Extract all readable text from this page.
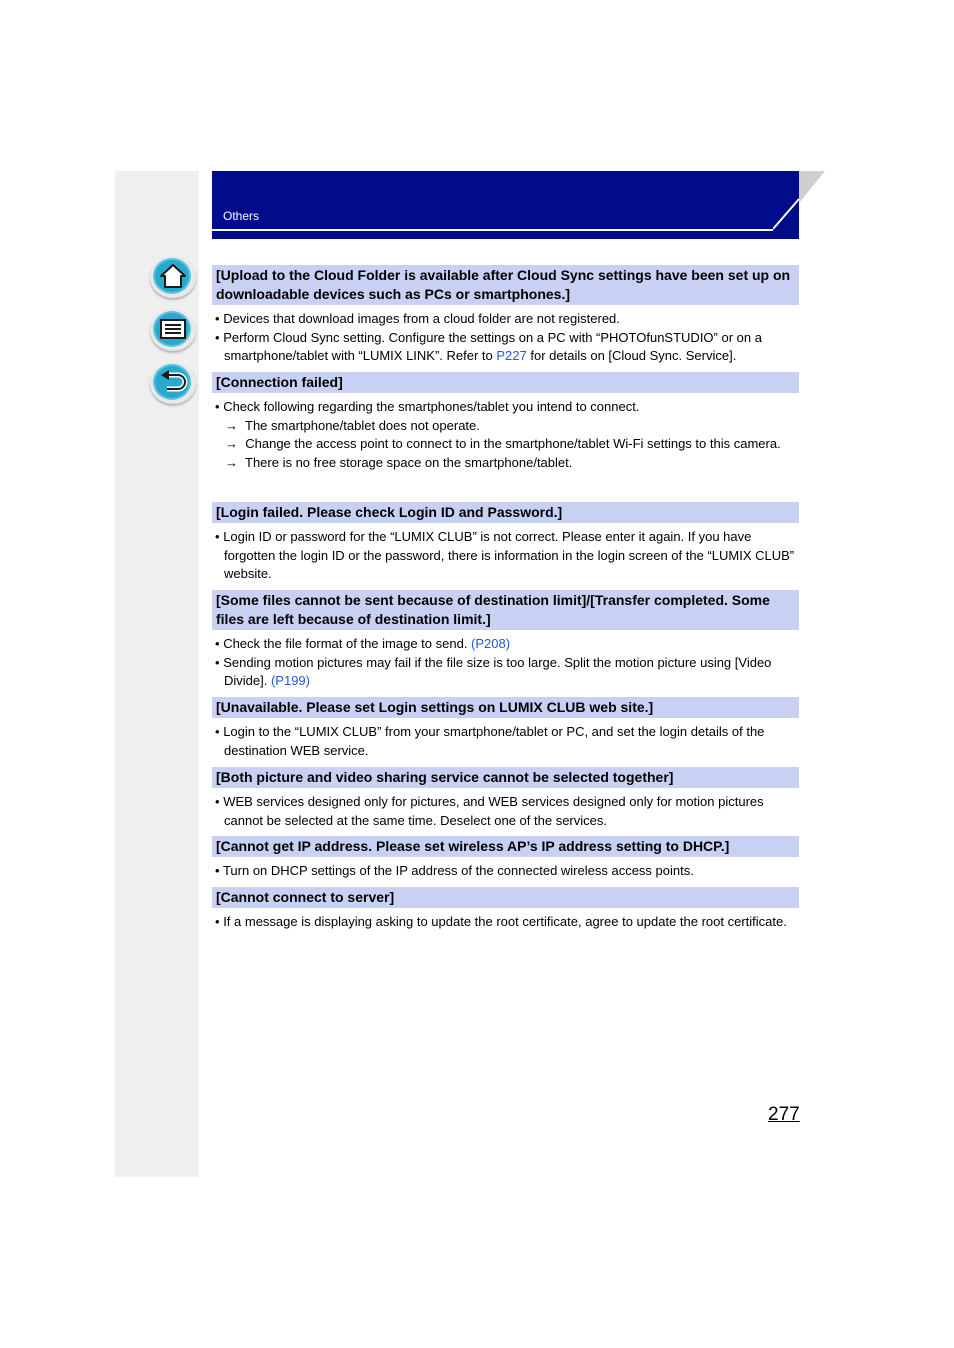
Others
[Upload to the Cloud Folder is available after Cloud Sync settings have been set up on downloadable devices such as PCs or smartphones.]
• Devices that download images from a cloud folder are not registered.
• Perform Cloud Sync setting. Configure the settings on a PC with “PHOTOfunSTUDIO” or on a smartphone/tablet with “LUMIX LINK”. Refer to P227 for details on [Cloud Sync. Service].
[Connection failed]
• Check following regarding the smartphones/tablet you intend to connect.
→ The smartphone/tablet does not operate.
→ Change the access point to connect to in the smartphone/tablet Wi-Fi settings to this camera.
→ There is no free storage space on the smartphone/tablet.
[Login failed. Please check Login ID and Password.]
• Login ID or password for the “LUMIX CLUB” is not correct. Please enter it again. If you have forgotten the login ID or the password, there is information in the login screen of the “LUMIX CLUB” website.
[Some files cannot be sent because of destination limit]/[Transfer completed. Some files are left because of destination limit.]
• Check the file format of the image to send. (P208)
• Sending motion pictures may fail if the file size is too large. Split the motion picture using [Video Divide]. (P199)
[Unavailable. Please set Login settings on LUMIX CLUB web site.]
• Login to the “LUMIX CLUB” from your smartphone/tablet or PC, and set the login details of the destination WEB service.
[Both picture and video sharing service cannot be selected together]
• WEB services designed only for pictures, and WEB services designed only for motion pictures cannot be selected at the same time. Deselect one of the services.
[Cannot get IP address. Please set wireless AP’s IP address setting to DHCP.]
• Turn on DHCP settings of the IP address of the connected wireless access points.
[Cannot connect to server]
• If a message is displaying asking to update the root certificate, agree to update the root certificate.
277
